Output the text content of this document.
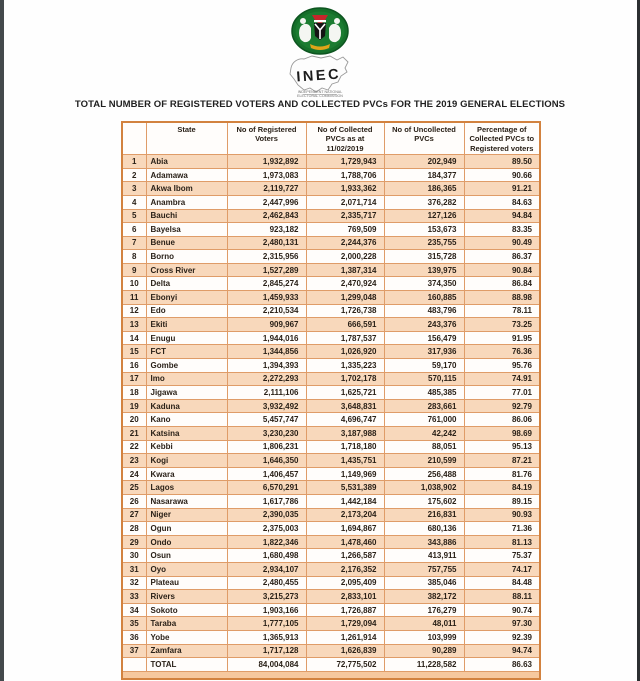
INEC
INDEPENDENT NATIONAL
ELECTORAL COMMISSION
TOTAL NUMBER OF REGISTERED VOTERS AND COLLECTED PVCs FOR THE 2019 GENERAL ELECTIONS
	State	No of Registered Voters	No of Collected PVCs as at 11/02/2019	No of Uncollected PVCs	Percentage of Collected PVCs to Registered voters
1	Abia	1,932,892	1,729,943	202,949	89.50
2	Adamawa	1,973,083	1,788,706	184,377	90.66
3	Akwa Ibom	2,119,727	1,933,362	186,365	91.21
4	Anambra	2,447,996	2,071,714	376,282	84.63
5	Bauchi	2,462,843	2,335,717	127,126	94.84
6	Bayelsa	923,182	769,509	153,673	83.35
7	Benue	2,480,131	2,244,376	235,755	90.49
8	Borno	2,315,956	2,000,228	315,728	86.37
9	Cross River	1,527,289	1,387,314	139,975	90.84
10	Delta	2,845,274	2,470,924	374,350	86.84
11	Ebonyi	1,459,933	1,299,048	160,885	88.98
12	Edo	2,210,534	1,726,738	483,796	78.11
13	Ekiti	909,967	666,591	243,376	73.25
14	Enugu	1,944,016	1,787,537	156,479	91.95
15	FCT	1,344,856	1,026,920	317,936	76.36
16	Gombe	1,394,393	1,335,223	59,170	95.76
17	Imo	2,272,293	1,702,178	570,115	74.91
18	Jigawa	2,111,106	1,625,721	485,385	77.01
19	Kaduna	3,932,492	3,648,831	283,661	92.79
20	Kano	5,457,747	4,696,747	761,000	86.06
21	Katsina	3,230,230	3,187,988	42,242	98.69
22	Kebbi	1,806,231	1,718,180	88,051	95.13
23	Kogi	1,646,350	1,435,751	210,599	87.21
24	Kwara	1,406,457	1,149,969	256,488	81.76
25	Lagos	6,570,291	5,531,389	1,038,902	84.19
26	Nasarawa	1,617,786	1,442,184	175,602	89.15
27	Niger	2,390,035	2,173,204	216,831	90.93
28	Ogun	2,375,003	1,694,867	680,136	71.36
29	Ondo	1,822,346	1,478,460	343,886	81.13
30	Osun	1,680,498	1,266,587	413,911	75.37
31	Oyo	2,934,107	2,176,352	757,755	74.17
32	Plateau	2,480,455	2,095,409	385,046	84.48
33	Rivers	3,215,273	2,833,101	382,172	88.11
34	Sokoto	1,903,166	1,726,887	176,279	90.74
35	Taraba	1,777,105	1,729,094	48,011	97.30
36	Yobe	1,365,913	1,261,914	103,999	92.39
37	Zamfara	1,717,128	1,626,839	90,289	94.74
	TOTAL	84,004,084	72,775,502	11,228,582	86.63
